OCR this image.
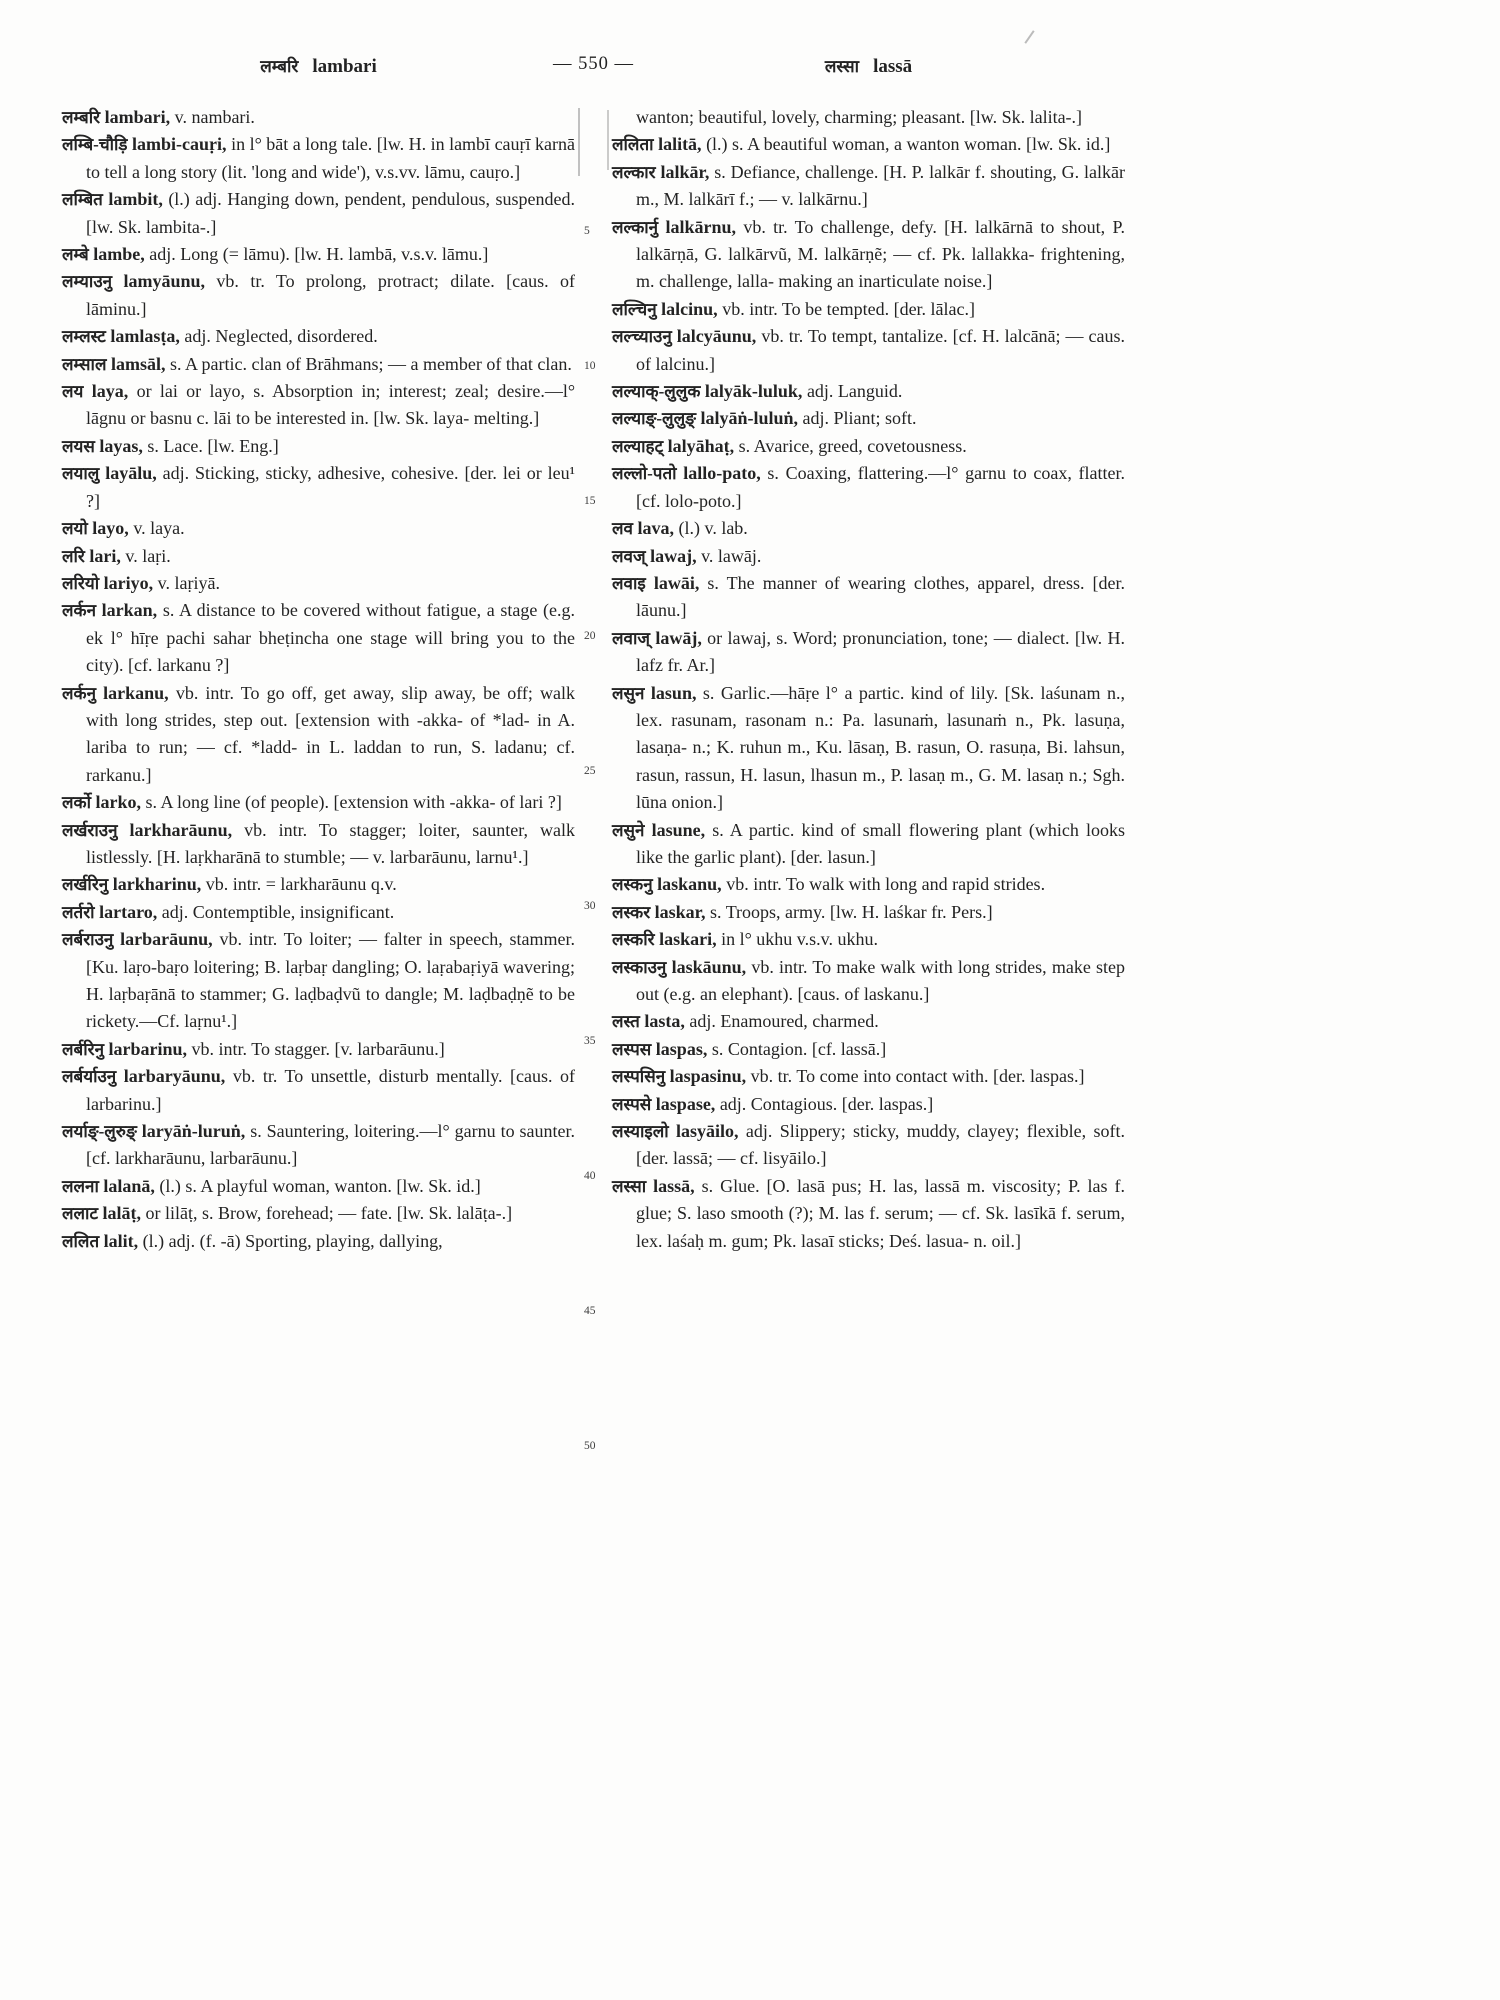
— 550 —
लम्बरि lambari	लस्सा lassā
लम्बरि lambari, v. nambari.
लम्बि-चौड़ि lambi-cauṛi, in l° bāt a long tale. [lw. H. in lambī cauṛī karnā to tell a long story (lit. 'long and wide'), v.s.vv. lāmu, cauṛo.]
लम्बित lambit, (l.) adj. Hanging down, pendent, pendulous, suspended. [lw. Sk. lambita-.]
लम्बे lambe, adj. Long (= lāmu). [lw. H. lambā, v.s.v. lāmu.]
लम्याउनु lamyāunu, vb. tr. To prolong, protract; dilate. [caus. of lāminu.]
लम्लस्ट lamlasṭa, adj. Neglected, disordered.
लम्साल lamsāl, s. A partic. clan of Brāhmans; — a member of that clan.
लय laya, or lai or layo, s. Absorption in; interest; zeal; desire.—l° lāgnu or basnu c. lāi to be interested in. [lw. Sk. laya- melting.]
लयस layas, s. Lace. [lw. Eng.]
लयालु layālu, adj. Sticking, sticky, adhesive, cohesive. [der. lei or leu¹ ?]
लयो layo, v. laya.
लरि lari, v. laṛi.
लरियो lariyo, v. laṛiyā.
लर्कन larkan, s. A distance to be covered without fatigue, a stage (e.g. ek l° hīṛe pachi sahar bheṭincha one stage will bring you to the city). [cf. larkanu ?]
लर्कनु larkanu, vb. intr. To go off, get away, slip away, be off; walk with long strides, step out. [extension with -akka- of *lad- in A. lariba to run; — cf. *ladd- in L. laddan to run, S. ladanu; cf. rarkanu.]
लर्को larko, s. A long line (of people). [extension with -akka- of lari ?]
लर्खराउनु larkharāunu, vb. intr. To stagger; loiter, saunter, walk listlessly. [H. laṛkharānā to stumble; — v. larbarāunu, larnu¹.]
लर्खरिनु larkharinu, vb. intr. = larkharāunu q.v.
लर्तरो lartaro, adj. Contemptible, insignificant.
लर्बराउनु larbarāunu, vb. intr. To loiter; — falter in speech, stammer. [Ku. laṛo-baṛo loitering; B. laṛbaṛ dangling; O. laṛabaṛiyā wavering; H. laṛbaṛānā to stammer; G. laḍbaḍvũ to dangle; M. laḍbaḍṇẽ to be rickety.—Cf. laṛnu¹.]
लर्बरिनु larbarinu, vb. intr. To stagger. [v. larbarāunu.]
लर्बर्याउनु larbaryāunu, vb. tr. To unsettle, disturb mentally. [caus. of larbarinu.]
लर्याङ्-लुरुङ् laryāṅ-luruṅ, s. Sauntering, loitering.—l° garnu to saunter. [cf. larkharāunu, larbarāunu.]
ललना lalanā, (l.) s. A playful woman, wanton. [lw. Sk. id.]
ललाट lalāṭ, or lilāṭ, s. Brow, forehead; — fate. [lw. Sk. lalāṭa-.]
ललित lalit, (l.) adj. (f. -ā) Sporting, playing, dallying,
5
10
15
20
25
30
35
40
45
50
wanton; beautiful, lovely, charming; pleasant. [lw. Sk. lalita-.]
ललिता lalitā, (l.) s. A beautiful woman, a wanton woman. [lw. Sk. id.]
लल्कार lalkār, s. Defiance, challenge. [H. P. lalkār f. shouting, G. lalkār m., M. lalkārī f.; — v. lalkārnu.]
लल्कार्नु lalkārnu, vb. tr. To challenge, defy. [H. lalkārnā to shout, P. lalkārṇā, G. lalkārvũ, M. lalkārṇẽ; — cf. Pk. lallakka- frightening, m. challenge, lalla- making an inarticulate noise.]
लल्चिनु lalcinu, vb. intr. To be tempted. [der. lālac.]
लल्च्याउनु lalcyāunu, vb. tr. To tempt, tantalize. [cf. H. lalcānā; — caus. of lalcinu.]
लल्याक्-लुलुक lalyāk-luluk, adj. Languid.
लल्याङ्-लुलुङ् lalyāṅ-luluṅ, adj. Pliant; soft.
लल्याहट् lalyāhaṭ, s. Avarice, greed, covetousness.
लल्लो-पतो lallo-pato, s. Coaxing, flattering.—l° garnu to coax, flatter. [cf. lolo-poto.]
लव lava, (l.) v. lab.
लवज् lawaj, v. lawāj.
लवाइ lawāi, s. The manner of wearing clothes, apparel, dress. [der. lāunu.]
लवाज् lawāj, or lawaj, s. Word; pronunciation, tone; — dialect. [lw. H. lafz fr. Ar.]
लसुन lasun, s. Garlic.—hāṛe l° a partic. kind of lily. [Sk. laśunam n., lex. rasunam, rasonam n.: Pa. lasunaṁ, lasunaṁ n., Pk. lasuṇa, lasaṇa- n.; K. ruhun m., Ku. lāsaṇ, B. rasun, O. rasuṇa, Bi. lahsun, rasun, rassun, H. lasun, lhasun m., P. lasaṇ m., G. M. lasaṇ n.; Sgh. lūna onion.]
लसुने lasune, s. A partic. kind of small flowering plant (which looks like the garlic plant). [der. lasun.]
लस्कनु laskanu, vb. intr. To walk with long and rapid strides.
लस्कर laskar, s. Troops, army. [lw. H. laśkar fr. Pers.]
लस्करि laskari, in l° ukhu v.s.v. ukhu.
लस्काउनु laskāunu, vb. intr. To make walk with long strides, make step out (e.g. an elephant). [caus. of laskanu.]
लस्त lasta, adj. Enamoured, charmed.
लस्पस laspas, s. Contagion. [cf. lassā.]
लस्पसिनु laspasinu, vb. tr. To come into contact with. [der. laspas.]
लस्पसे laspase, adj. Contagious. [der. laspas.]
लस्याइलो lasyāilo, adj. Slippery; sticky, muddy, clayey; flexible, soft. [der. lassā; — cf. lisyāilo.]
लस्सा lassā, s. Glue. [O. lasā pus; H. las, lassā m. viscosity; P. las f. glue; S. laso smooth (?); M. las f. serum; — cf. Sk. lasīkā f. serum, lex. laśaḥ m. gum; Pk. lasaī sticks; Deś. lasua- n. oil.]
